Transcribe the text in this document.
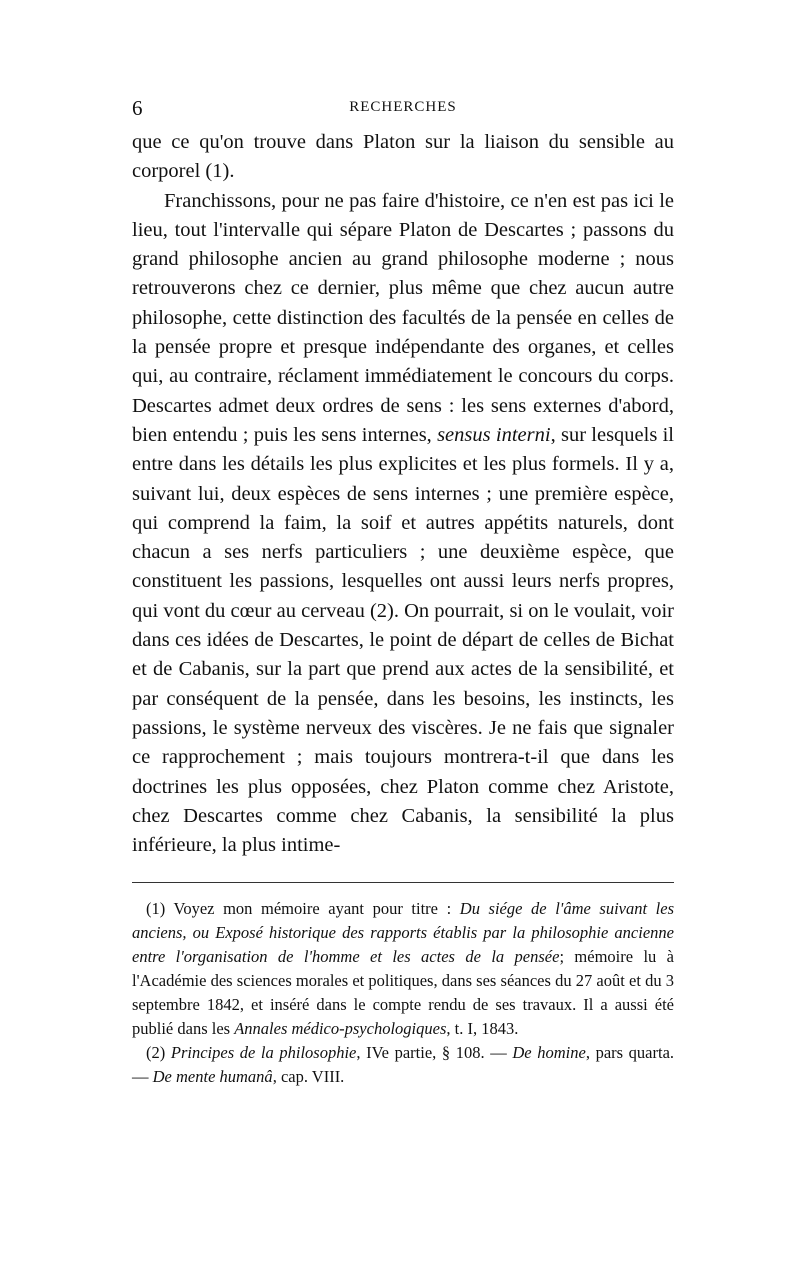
6	RECHERCHES

que ce qu'on trouve dans Platon sur la liaison du sensible au corporel (1).

Franchissons, pour ne pas faire d'histoire, ce n'en est pas ici le lieu, tout l'intervalle qui sépare Platon de Descartes ; passons du grand philosophe ancien au grand philosophe moderne ; nous retrouverons chez ce dernier, plus même que chez aucun autre philosophe, cette distinction des facultés de la pensée en celles de la pensée propre et presque indépendante des organes, et celles qui, au contraire, réclament immédiatement le concours du corps. Descartes admet deux ordres de sens : les sens externes d'abord, bien entendu ; puis les sens internes, sensus interni, sur lesquels il entre dans les détails les plus explicites et les plus formels. Il y a, suivant lui, deux espèces de sens internes ; une première espèce, qui comprend la faim, la soif et autres appétits naturels, dont chacun a ses nerfs particuliers ; une deuxième espèce, que constituent les passions, lesquelles ont aussi leurs nerfs propres, qui vont du cœur au cerveau (2). On pourrait, si on le voulait, voir dans ces idées de Descartes, le point de départ de celles de Bichat et de Cabanis, sur la part que prend aux actes de la sensibilité, et par conséquent de la pensée, dans les besoins, les instincts, les passions, le système nerveux des viscères. Je ne fais que signaler ce rapprochement ; mais toujours montrera-t-il que dans les doctrines les plus opposées, chez Platon comme chez Aristote, chez Descartes comme chez Cabanis, la sensibilité la plus inférieure, la plus intime-

(1) Voyez mon mémoire ayant pour titre : Du siége de l'âme suivant les anciens, ou Exposé historique des rapports établis par la philosophie ancienne entre l'organisation de l'homme et les actes de la pensée; mémoire lu à l'Académie des sciences morales et politiques, dans ses séances du 27 août et du 3 septembre 1842, et inséré dans le compte rendu de ses travaux. Il a aussi été publié dans les Annales médico-psychologiques, t. I, 1843.

(2) Principes de la philosophie, IVe partie, § 108. — De homine, pars quarta. — De mente humanâ, cap. VIII.
